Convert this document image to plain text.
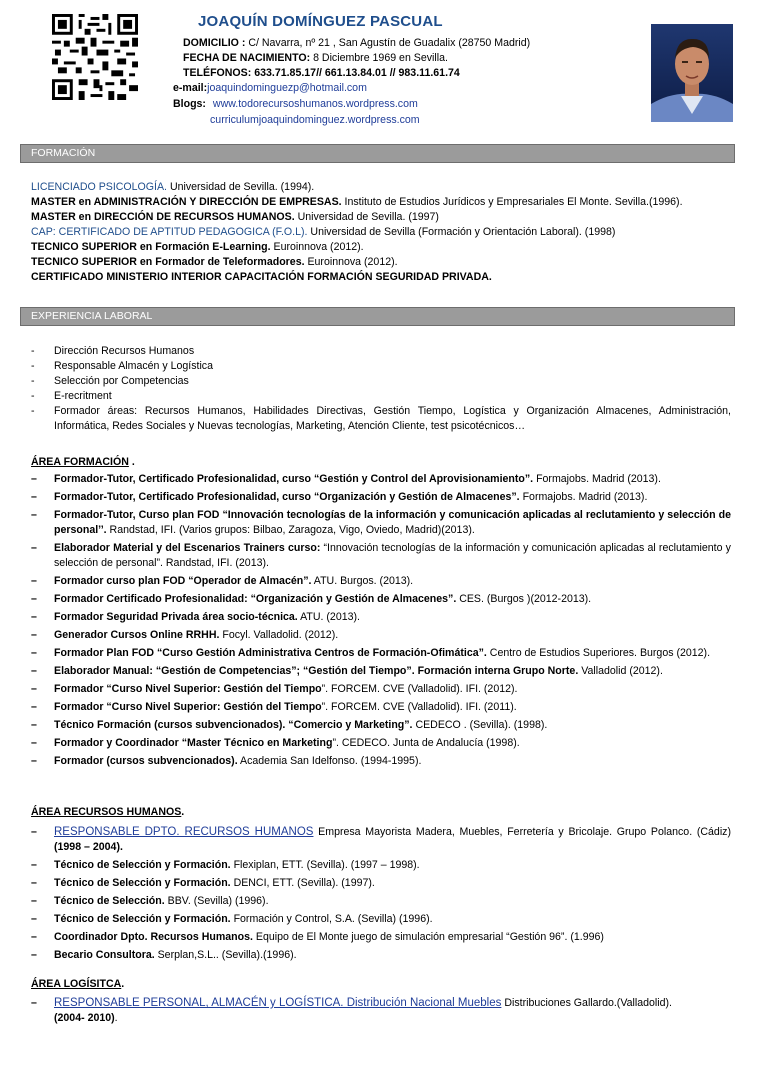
JOAQUÍN DOMÍNGUEZ PASCUAL
DOMICILIO : C/ Navarra, nº 21 , San Agustín de Guadalix (28750 Madrid)
FECHA DE NACIMIENTO: 8 Diciembre 1969 en Sevilla.
TELÉFONOS: 633.71.85.17// 661.13.84.01 // 983.11.61.74
e-mail:joaquindominguezp@hotmail.com
Blogs: www.todorecursoshumanos.wordpress.com
curriculumjoaquindominguez.wordpress.com
FORMACIÓN
LICENCIADO PSICOLOGÍA. Universidad de Sevilla. (1994).
MASTER en ADMINISTRACIÓN Y DIRECCIÓN DE EMPRESAS. Instituto de Estudios Jurídicos y Empresariales El Monte. Sevilla.(1996).
MASTER en DIRECCIÓN DE RECURSOS HUMANOS. Universidad de Sevilla. (1997)
CAP: CERTIFICADO DE APTITUD PEDAGOGICA (F.O.L). Universidad de Sevilla (Formación y Orientación Laboral). (1998)
TECNICO SUPERIOR en Formación E-Learning. Euroinnova (2012).
TECNICO SUPERIOR en Formador de Teleformadores. Euroinnova (2012).
CERTIFICADO MINISTERIO INTERIOR CAPACITACIÓN FORMACIÓN SEGURIDAD PRIVADA.
EXPERIENCIA LABORAL
- Dirección Recursos Humanos
- Responsable Almacén y Logística
- Selección por Competencias
- E-recritment
- Formador áreas: Recursos Humanos, Habilidades Directivas, Gestión Tiempo, Logística y Organización Almacenes, Administración, Informática, Redes Sociales y Nuevas tecnologías, Marketing, Atención Cliente, test psicotécnicos…
ÁREA FORMACIÓN .
– Formador-Tutor, Certificado Profesionalidad, curso “Gestión y Control del Aprovisionamiento”. Formajobs. Madrid (2013).
– Formador-Tutor, Certificado Profesionalidad, curso “Organización y Gestión de Almacenes”. Formajobs. Madrid (2013).
– Formador-Tutor, Curso plan FOD “Innovación tecnologías de la información y comunicación aplicadas al reclutamiento y selección de personal’’. Randstad, IFI. (Varios grupos: Bilbao, Zaragoza, Vigo, Oviedo, Madrid)(2013).
– Elaborador Material y del Escenarios Trainers curso: “Innovación tecnologías de la información y comunicación aplicadas al reclutamiento y selección de personal”. Randstad, IFI. (2013).
– Formador curso plan FOD “Operador de Almacén”. ATU. Burgos. (2013).
– Formador Certificado Profesionalidad: “Organización y Gestión de Almacenes”. CES. (Burgos )(2012-2013).
– Formador Seguridad Privada área socio-técnica. ATU. (2013).
– Generador Cursos Online RRHH. Focyl. Valladolid. (2012).
– Formador Plan FOD “Curso Gestión Administrativa Centros de Formación-Ofimática”. Centro de Estudios Superiores. Burgos (2012).
– Elaborador Manual: “Gestión de Competencias”; “Gestión del Tiempo”. Formación interna Grupo Norte. Valladolid (2012).
– Formador “Curso Nivel Superior: Gestión del Tiempo”. FORCEM. CVE (Valladolid). IFI. (2012).
– Formador “Curso Nivel Superior: Gestión del Tiempo”. FORCEM. CVE (Valladolid). IFI. (2011).
– Técnico Formación (cursos subvencionados). “Comercio y Marketing”. CEDECO . (Sevilla). (1998).
– Formador y Coordinador “Master Técnico en Marketing”. CEDECO. Junta de Andalucía (1998).
– Formador (cursos subvencionados). Academia San Idelfonso. (1994-1995).
ÁREA RECURSOS HUMANOS.
– RESPONSABLE DPTO. RECURSOS HUMANOS Empresa Mayorista Madera, Muebles, Ferretería y Bricolaje. Grupo Polanco. (Cádiz) (1998 – 2004).
– Técnico de Selección y Formación. Flexiplan, ETT. (Sevilla). (1997 – 1998).
– Técnico de Selección y Formación. DENCI, ETT. (Sevilla). (1997).
– Técnico de Selección. BBV. (Sevilla) (1996).
– Técnico de Selección y Formación. Formación y Control, S.A. (Sevilla) (1996).
– Coordinador Dpto. Recursos Humanos. Equipo de El Monte juego de simulación empresarial “Gestión 96”. (1.996)
– Becario Consultora. Serplan,S.L.. (Sevilla).(1996).
ÁREA LOGÍSITCA.
– RESPONSABLE PERSONAL, ALMACÉN y LOGÍSTICA. Distribución Nacional Muebles Distribuciones Gallardo.(Valladolid).
(2004- 2010).
